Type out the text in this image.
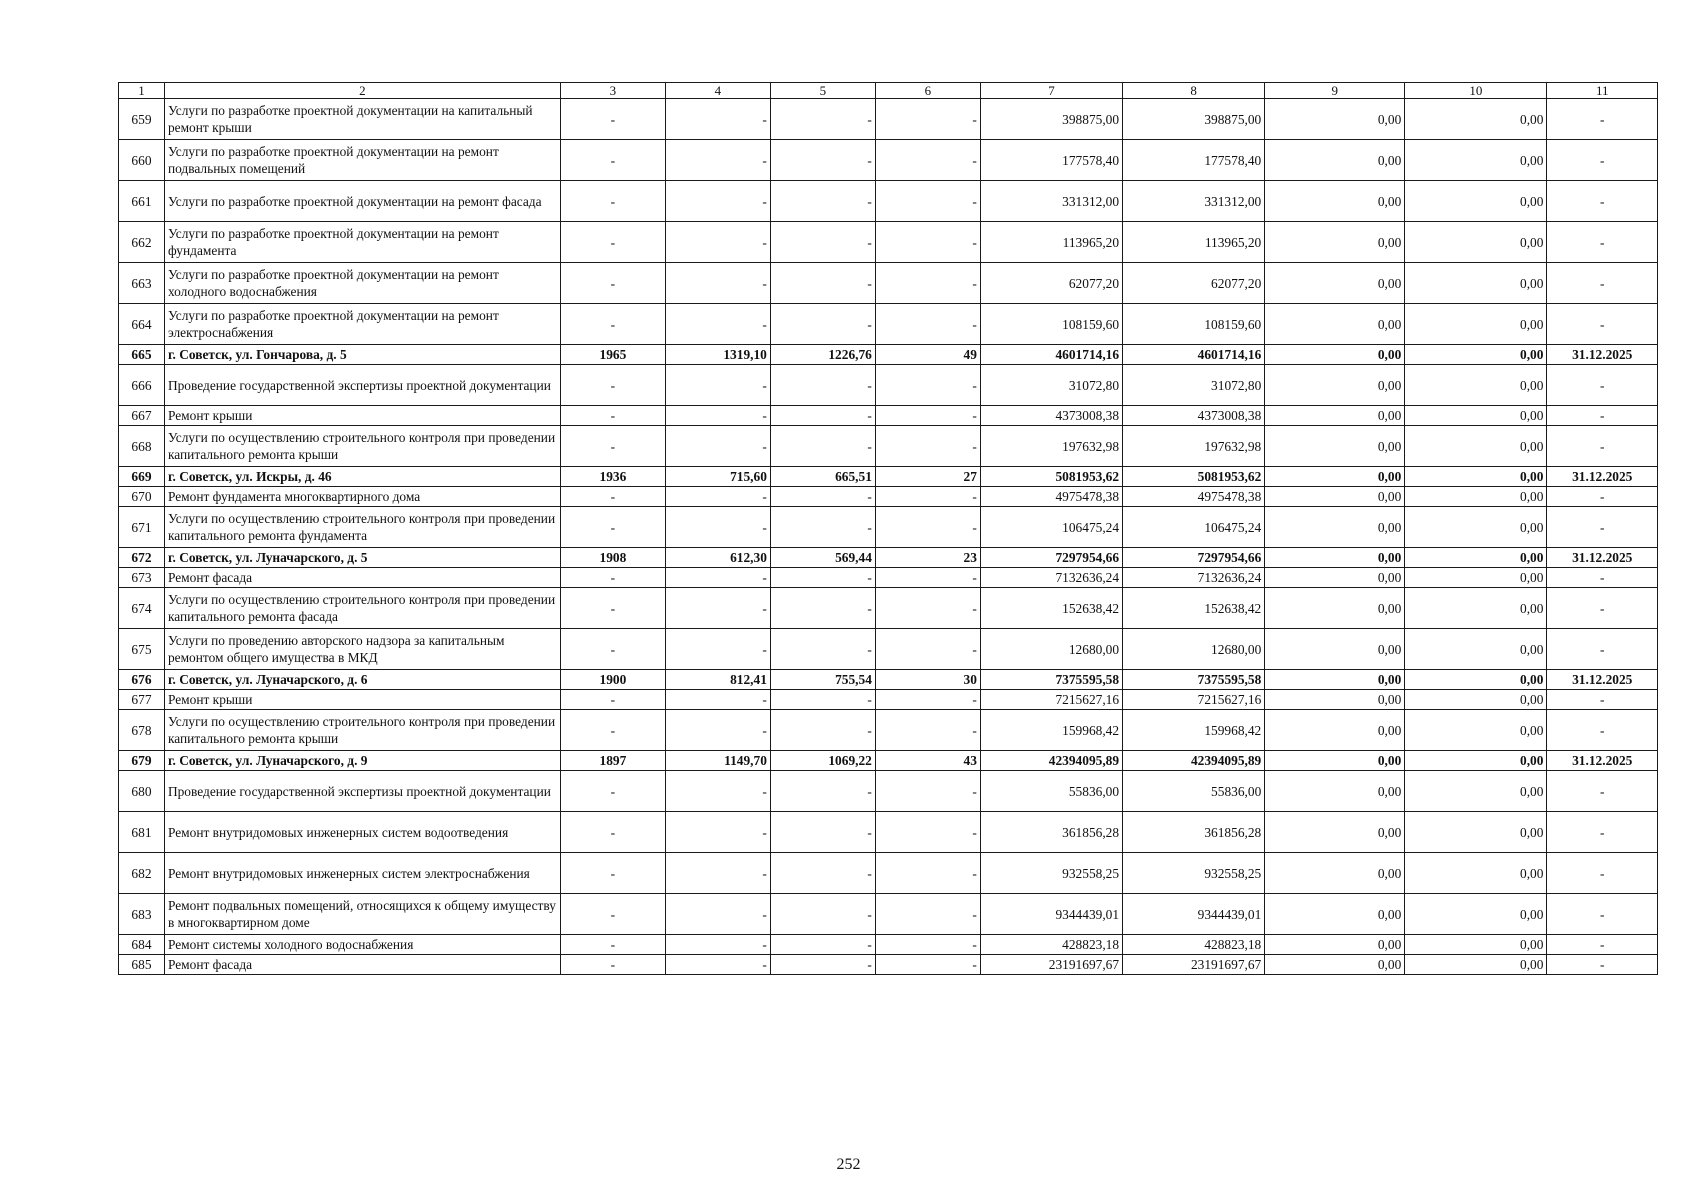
1	2	3	4	5	6	7	8	9	10	11
659	Услуги по разработке проектной документации на капитальный ремонт крыши	-	-	-	-	398875,00	398875,00	0,00	0,00	-
660	Услуги по разработке проектной документации на ремонт подвальных помещений	-	-	-	-	177578,40	177578,40	0,00	0,00	-
661	Услуги по разработке проектной документации на ремонт фасада	-	-	-	-	331312,00	331312,00	0,00	0,00	-
662	Услуги по разработке проектной документации на ремонт фундамента	-	-	-	-	113965,20	113965,20	0,00	0,00	-
663	Услуги по разработке проектной документации на ремонт холодного водоснабжения	-	-	-	-	62077,20	62077,20	0,00	0,00	-
664	Услуги по разработке проектной документации на ремонт электроснабжения	-	-	-	-	108159,60	108159,60	0,00	0,00	-
665	г. Советск, ул. Гончарова, д. 5	1965	1319,10	1226,76	49	4601714,16	4601714,16	0,00	0,00	31.12.2025
666	Проведение государственной экспертизы проектной документации	-	-	-	-	31072,80	31072,80	0,00	0,00	-
667	Ремонт крыши	-	-	-	-	4373008,38	4373008,38	0,00	0,00	-
668	Услуги по осуществлению строительного контроля при проведении капитального ремонта крыши	-	-	-	-	197632,98	197632,98	0,00	0,00	-
669	г. Советск, ул. Искры, д. 46	1936	715,60	665,51	27	5081953,62	5081953,62	0,00	0,00	31.12.2025
670	Ремонт фундамента многоквартирного дома	-	-	-	-	4975478,38	4975478,38	0,00	0,00	-
671	Услуги по осуществлению строительного контроля при проведении капитального ремонта фундамента	-	-	-	-	106475,24	106475,24	0,00	0,00	-
672	г. Советск, ул. Луначарского, д. 5	1908	612,30	569,44	23	7297954,66	7297954,66	0,00	0,00	31.12.2025
673	Ремонт фасада	-	-	-	-	7132636,24	7132636,24	0,00	0,00	-
674	Услуги по осуществлению строительного контроля при проведении капитального ремонта фасада	-	-	-	-	152638,42	152638,42	0,00	0,00	-
675	Услуги по проведению авторского надзора за капитальным ремонтом общего имущества в МКД	-	-	-	-	12680,00	12680,00	0,00	0,00	-
676	г. Советск, ул. Луначарского, д. 6	1900	812,41	755,54	30	7375595,58	7375595,58	0,00	0,00	31.12.2025
677	Ремонт крыши	-	-	-	-	7215627,16	7215627,16	0,00	0,00	-
678	Услуги по осуществлению строительного контроля при проведении капитального ремонта крыши	-	-	-	-	159968,42	159968,42	0,00	0,00	-
679	г. Советск, ул. Луначарского, д. 9	1897	1149,70	1069,22	43	42394095,89	42394095,89	0,00	0,00	31.12.2025
680	Проведение государственной экспертизы проектной документации	-	-	-	-	55836,00	55836,00	0,00	0,00	-
681	Ремонт внутридомовых инженерных систем водоотведения	-	-	-	-	361856,28	361856,28	0,00	0,00	-
682	Ремонт внутридомовых инженерных систем электроснабжения	-	-	-	-	932558,25	932558,25	0,00	0,00	-
683	Ремонт подвальных помещений, относящихся к общему имуществу в многоквартирном доме	-	-	-	-	9344439,01	9344439,01	0,00	0,00	-
684	Ремонт системы холодного водоснабжения	-	-	-	-	428823,18	428823,18	0,00	0,00	-
685	Ремонт фасада	-	-	-	-	23191697,67	23191697,67	0,00	0,00	-
252
